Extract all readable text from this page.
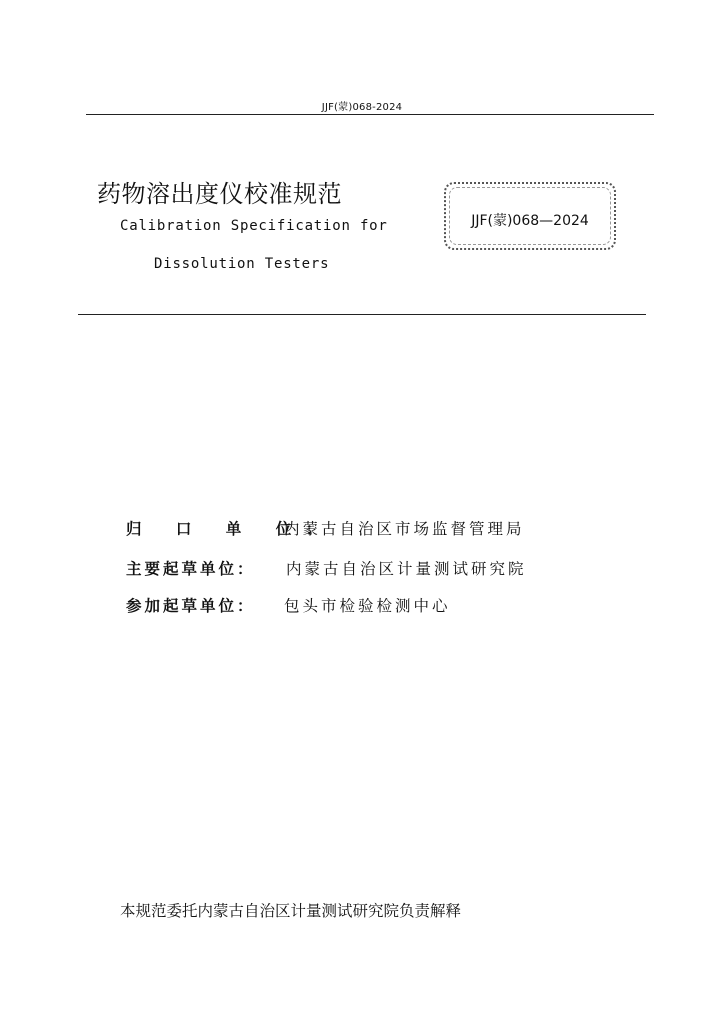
JJF(蒙)068-2024
药物溶出度仪校准规范
Calibration Specification for
Dissolution Testers
JJF(蒙)068—2024
归 口 单 位：
内蒙古自治区市场监督管理局
主要起草单位： 内蒙古自治区计量测试研究院
参加起草单位： 包头市检验检测中心
本规范委托内蒙古自治区计量测试研究院负责解释
